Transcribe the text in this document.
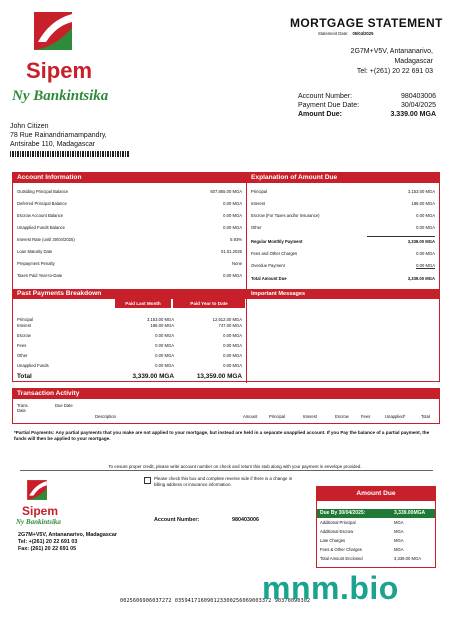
Sipem
Ny Bankintsika
MORTGAGE STATEMENT
Statement Date: 05/04/2025
2G7M+V5V, Antananarivo,
Madagascar
Tel: +(261) 20 22 691 03
John Citizen
78 Rue Rainandriamampandry,
Antsirabe 110, Madagascar
Account Number:	980403006
Payment Due Date:	30/04/2025
Amount Due:	3.339.00 MGA
Account Information
Outsiding Principal Balance	507,855.00 MGA
Deferred Principal Balance	0.00 MGA
Escrow Account Balance	0.00 MGA
Unapplied Funds Balance	0.00 MGA
Interest Rate (until 30/04/2025)	5.93%
Loan Maturity Date	01.01.2025
Prepayment Penalty	None
Taxes Paid Year-to-Date	0.00 MGA
Explanation of Amount Due
Principal	3,153.00 MGA
Interest	186.00 MGA
Escrow (For Taxes and/or Insurance)	0.00 MGA
Other	0.00 MGA
Regular Monthly Payment	3,339.00 MGA
Fees and Other Charges	0.00 MGA
Overdue Payment	0.00 MGA
Total Amount Due	3,339.00 MGA
Past Payments Breakdown
Paid Last Month	Paid Year to Date
Principal	3,153.00 MGA	12,612.00 MGA
Interest	186.00 MGA	747.00 MGA
Escrow	0.00 MGA	0.00 MGA
Fees	0.00 MGA	0.00 MGA
Other	0.00 MGA	0.00 MGA
Unapplied Funds	0.00 MGA	0.00 MGA
Total	3,339.00 MGA	13,359.00 MGA
Important Messages
Transaction Activity
Trans. Date
Due Date
Description	Amount	Principal	Interest	Escrow	Fees	Unapplied*	Total
*Partial Payments: Any partial payments that you make are not applied to your mortgage, but instead are held in a separate unapplied account. If you Pay the balance of a partial payment, the funds will then be applied to your mortgage.
To ensure proper credit, please write account number on check and return this stub along with your payment in envelope provided.
Sipem
Ny Bankintsika
Please check this box and complete reverse side if there is a change in billing address or insurance information.
Account Number:	980403006
2G7M+V5V, Antananarivo, Madagascar
Tel: +(261) 20 22 691 03
Fax: (261) 20 22 691 05
Amount Due
Due By 30/04/2025:	3,339.00MGA
Additional Principal	MGA
Additional Escrow	MGA
Late Charges	MGA
Fees & Other Charges	MGA
Total Amount Enclosed	3,339.00 MGA
0025606906037272 035941716090123300256069003372 90370090302
mnm.bio
